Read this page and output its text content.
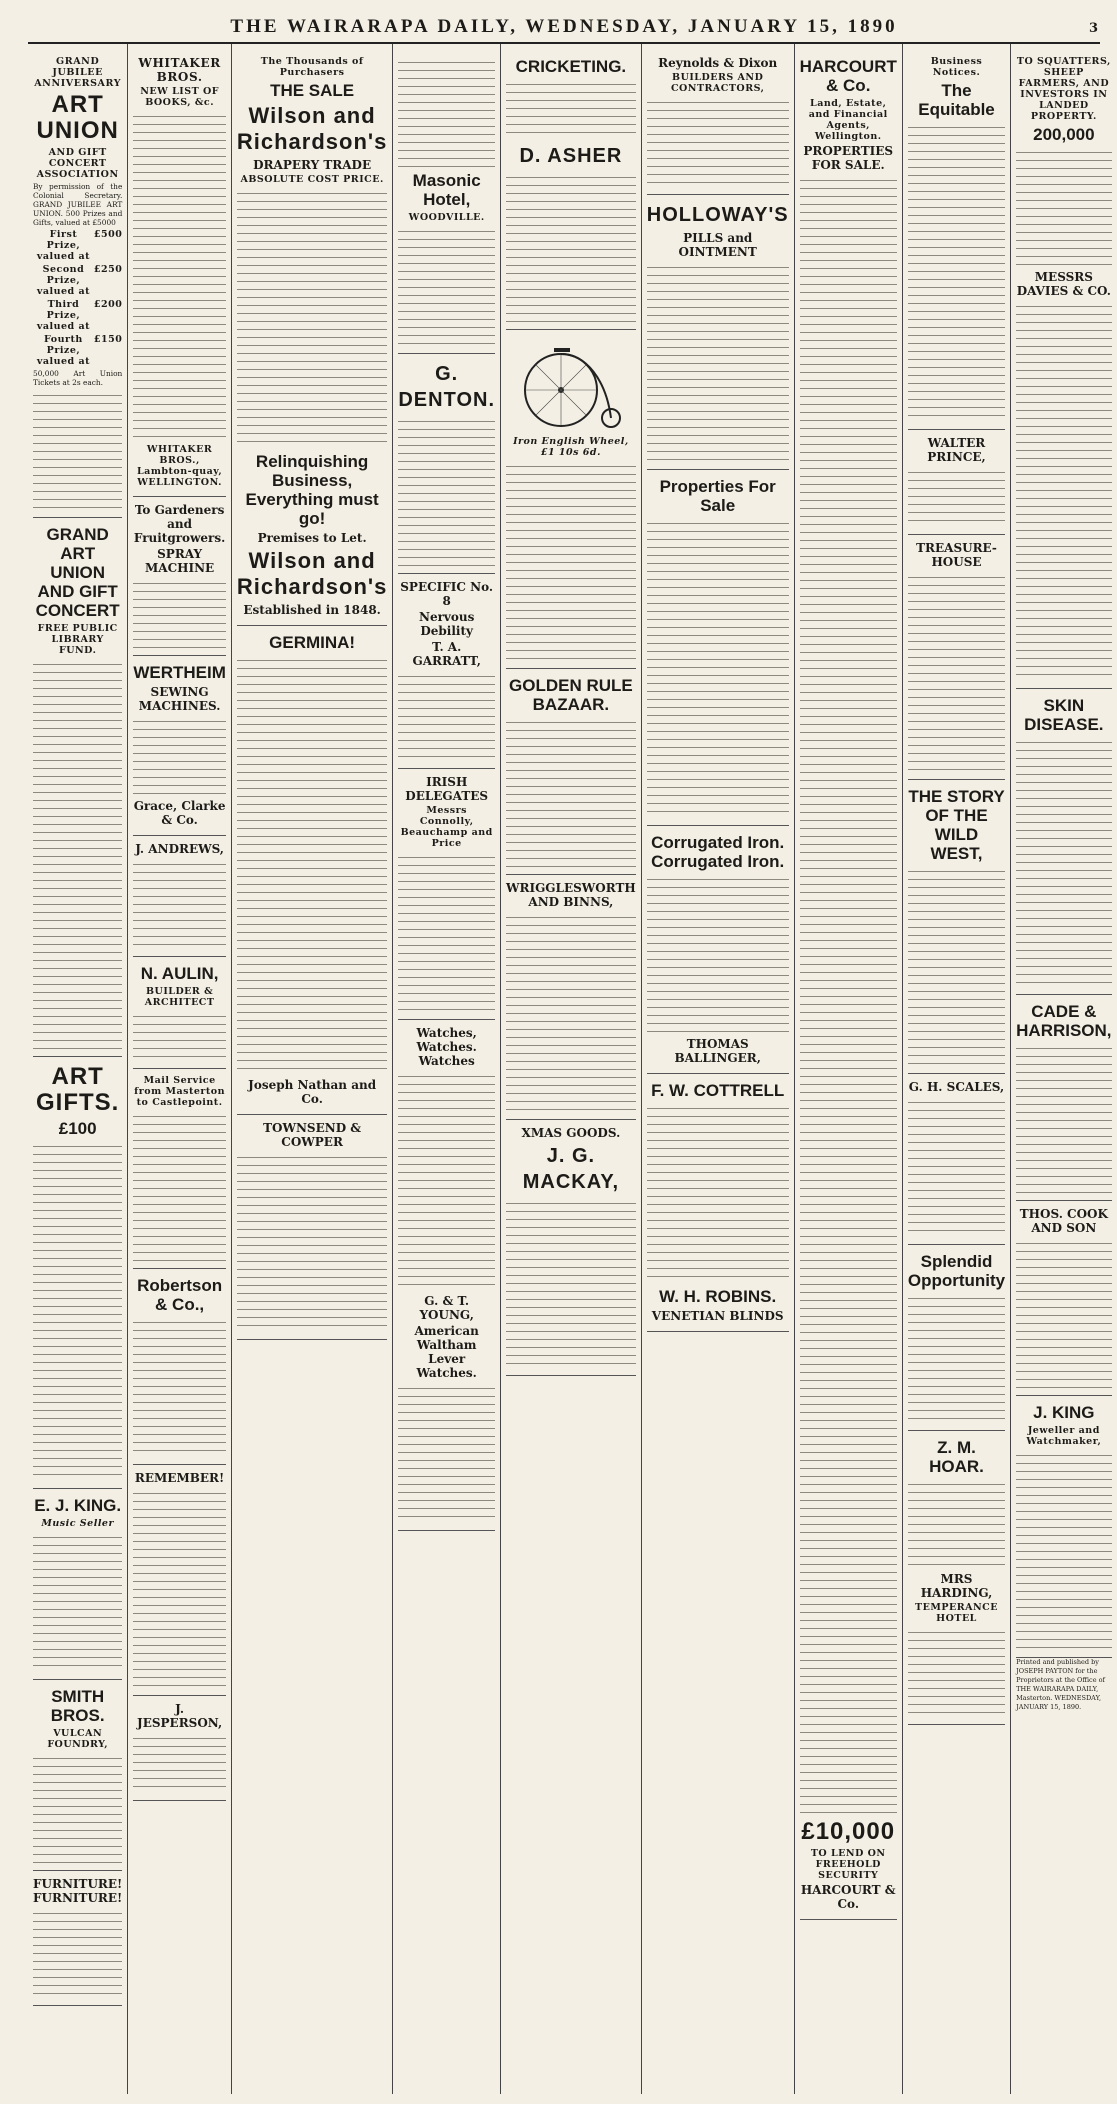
THE WAIRARAPA DAILY, WEDNESDAY, JANUARY 15, 1890	3
GRAND JUBILEE ANNIVERSARY
ART UNION
AND GIFT CONCERT ASSOCIATION

By permission of the Colonial Secretary. GRAND JUBILEE ART UNION. 500 Prizes and Gifts, valued at £5000

First Prize, valued at
£500
Second Prize, valued at
£250
Third Prize, valued at
£200
Fourth Prize, valued at
£150

50,000 Art Union Tickets at 2s each.

GRAND ART UNION AND GIFT CONCERT
FREE PUBLIC LIBRARY FUND.
ART GIFTS.
£100
E. J. KING.
Music Seller
SMITH BROS.
VULCAN FOUNDRY,
FURNITURE! FURNITURE!
WHITAKER BROS.
NEW LIST OF BOOKS, &c.
WHITAKER BROS., Lambton-quay, WELLINGTON.
To Gardeners and Fruitgrowers.
SPRAY MACHINE
WERTHEIM
SEWING MACHINES.
Grace, Clarke & Co.
J. ANDREWS,
N. AULIN,
BUILDER & ARCHITECT
Mail Service from Masterton to Castlepoint.
Robertson & Co.,
REMEMBER!
J. JESPERSON,
The Thousands of Purchasers
THE SALE
Wilson and Richardson's
DRAPERY TRADE
ABSOLUTE COST PRICE.
Relinquishing Business, Everything must go!
Premises to Let.
Wilson and Richardson's
Established in 1848.
GERMINA!
Joseph Nathan and Co.
TOWNSEND & COWPER
Masonic Hotel,
WOODVILLE.
G. DENTON.
SPECIFIC No. 8
Nervous Debility
T. A. GARRATT,
IRISH DELEGATES
Messrs Connolly, Beauchamp and Price
Watches, Watches. Watches
G. & T. YOUNG,
American Waltham Lever Watches.
CRICKETING.
D. ASHER
Iron English Wheel, £1 10s 6d.
GOLDEN RULE BAZAAR.
WRIGGLESWORTH AND BINNS,
XMAS GOODS.
J. G. MACKAY,
Reynolds & Dixon
BUILDERS AND CONTRACTORS,
HOLLOWAY'S
PILLS and OINTMENT
Properties For Sale
Corrugated Iron. Corrugated Iron.
THOMAS BALLINGER,
F. W. COTTRELL
W. H. ROBINS.
VENETIAN BLINDS
HARCOURT & Co.
Land, Estate, and Financial Agents, Wellington.
PROPERTIES FOR SALE.
£10,000
TO LEND ON FREEHOLD SECURITY
HARCOURT & Co.
Business Notices.
The Equitable
WALTER PRINCE,
TREASURE-HOUSE
THE STORY OF THE WILD WEST,
G. H. SCALES,
Splendid Opportunity
Z. M. HOAR.
MRS HARDING,
TEMPERANCE HOTEL
TO SQUATTERS, SHEEP FARMERS, AND INVESTORS IN LANDED PROPERTY.
200,000
MESSRS DAVIES & CO.
SKIN DISEASE.
CADE & HARRISON,
THOS. COOK AND SON
J. KING
Jeweller and Watchmaker,
Printed and published by JOSEPH PAYTON for the Proprietors at the Office of THE WAIRARAPA DAILY, Masterton. WEDNESDAY, JANUARY 15, 1890.
